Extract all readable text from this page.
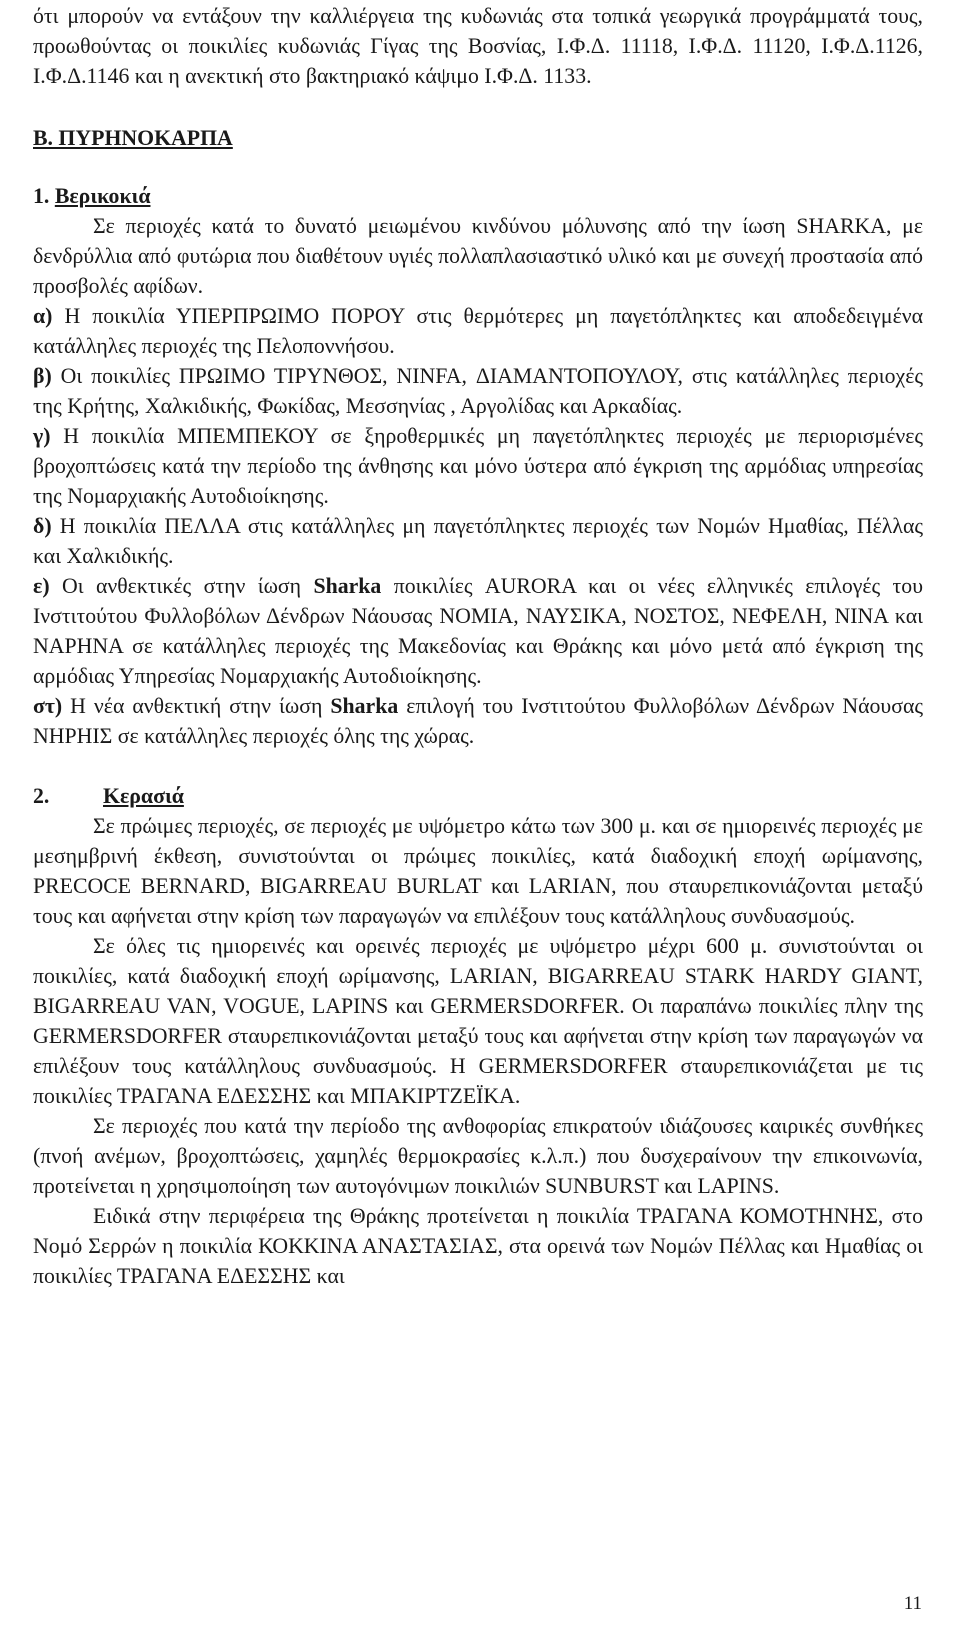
ότι μπορούν να εντάξουν την καλλιέργεια της κυδωνιάς στα τοπικά γεωργικά προγράμματά τους, προωθούντας οι ποικιλίες κυδωνιάς Γίγας της Βοσνίας, Ι.Φ.Δ. 11118, Ι.Φ.Δ. 11120, Ι.Φ.Δ.1126, Ι.Φ.Δ.1146 και η ανεκτική στο βακτηριακό κάψιμο Ι.Φ.Δ. 1133.

Β. ΠΥΡΗΝΟΚΑΡΠΑ

1. Βερικοκιά

Σε περιοχές κατά το δυνατό μειωμένου κινδύνου μόλυνσης από την ίωση SHARKA, με δενδρύλλια από φυτώρια που διαθέτουν υγιές πολλαπλασιαστικό υλικό και με συνεχή προστασία από προσβολές αφίδων.

α) Η ποικιλία ΥΠΕΡΠΡΩΙΜΟ ΠΟΡΟΥ στις θερμότερες μη παγετόπληκτες και αποδεδειγμένα κατάλληλες περιοχές της Πελοποννήσου.

β) Οι ποικιλίες ΠΡΩΙΜΟ ΤΙΡΥΝΘΟΣ, NINFA, ΔΙΑΜΑΝΤΟΠΟΥΛΟΥ, στις κατάλληλες περιοχές της Κρήτης, Χαλκιδικής, Φωκίδας, Μεσσηνίας , Αργολίδας και Αρκαδίας.

γ) Η ποικιλία ΜΠΕΜΠΕΚΟΥ σε ξηροθερμικές μη παγετόπληκτες περιοχές με περιορισμένες βροχοπτώσεις κατά την περίοδο της άνθησης και μόνο ύστερα από έγκριση της αρμόδιας υπηρεσίας της Νομαρχιακής Αυτοδιοίκησης.

δ) Η ποικιλία ΠΕΛΛΑ στις κατάλληλες μη παγετόπληκτες περιοχές των Νομών Ημαθίας, Πέλλας και Χαλκιδικής.

ε) Οι ανθεκτικές στην ίωση Sharka ποικιλίες AURORA και οι νέες ελληνικές επιλογές του Ινστιτούτου Φυλλοβόλων Δένδρων Νάουσας NOMIA, ΝΑΥΣΙΚΑ, ΝΟΣΤΟΣ, ΝΕΦΕΛΗ, ΝΙΝΑ και ΝΑΡΗΝΑ σε κατάλληλες περιοχές της Μακεδονίας και Θράκης και μόνο μετά από έγκριση της αρμόδιας Υπηρεσίας Νομαρχιακής Αυτοδιοίκησης.

στ) Η νέα ανθεκτική στην ίωση Sharka επιλογή του Ινστιτούτου Φυλλοβόλων Δένδρων Νάουσας ΝΗΡΗΙΣ σε κατάλληλες περιοχές όλης της χώρας.

2. Κερασιά

Σε πρώιμες περιοχές, σε περιοχές με υψόμετρο κάτω των 300 μ. και σε ημιορεινές περιοχές με μεσημβρινή έκθεση, συνιστούνται οι πρώιμες ποικιλίες, κατά διαδοχική εποχή ωρίμανσης, PRECOCE BERNARD, BIGARREAU BURLAT και LARIAN, που σταυρεπικονιάζονται μεταξύ τους και αφήνεται στην κρίση των παραγωγών να επιλέξουν τους κατάλληλους συνδυασμούς.

Σε όλες τις ημιορεινές και ορεινές περιοχές με υψόμετρο μέχρι 600 μ. συνιστούνται οι ποικιλίες, κατά διαδοχική εποχή ωρίμανσης, LARIAN, BIGARREAU STARK HARDY GIANT, BIGARREAU VAN, VOGUE, LAPINS και GERMERSDORFER. Οι παραπάνω ποικιλίες πλην της GERMERSDORFER σταυρεπικονιάζονται μεταξύ τους και αφήνεται στην κρίση των παραγωγών να επιλέξουν τους κατάλληλους συνδυασμούς. Η GERMERSDORFER σταυρεπικονιάζεται με τις ποικιλίες ΤΡΑΓΑΝΑ ΕΔΕΣΣΗΣ και ΜΠΑΚΙΡΤΖΕΪΚΑ.

Σε περιοχές που κατά την περίοδο της ανθοφορίας επικρατούν ιδιάζουσες καιρικές συνθήκες (πνοή ανέμων, βροχοπτώσεις, χαμηλές θερμοκρασίες κ.λ.π.) που δυσχεραίνουν την επικοινωνία, προτείνεται η χρησιμοποίηση των αυτογόνιμων ποικιλιών SUNBURST και LAPINS.

Ειδικά στην περιφέρεια της Θράκης προτείνεται η ποικιλία ΤΡΑΓΑΝΑ ΚΟΜΟΤΗΝΗΣ, στο Νομό Σερρών η ποικιλία ΚΟΚΚΙΝΑ ΑΝΑΣΤΑΣΙΑΣ, στα ορεινά των Νομών Πέλλας και Ημαθίας οι ποικιλίες ΤΡΑΓΑΝΑ ΕΔΕΣΣΗΣ και

11
